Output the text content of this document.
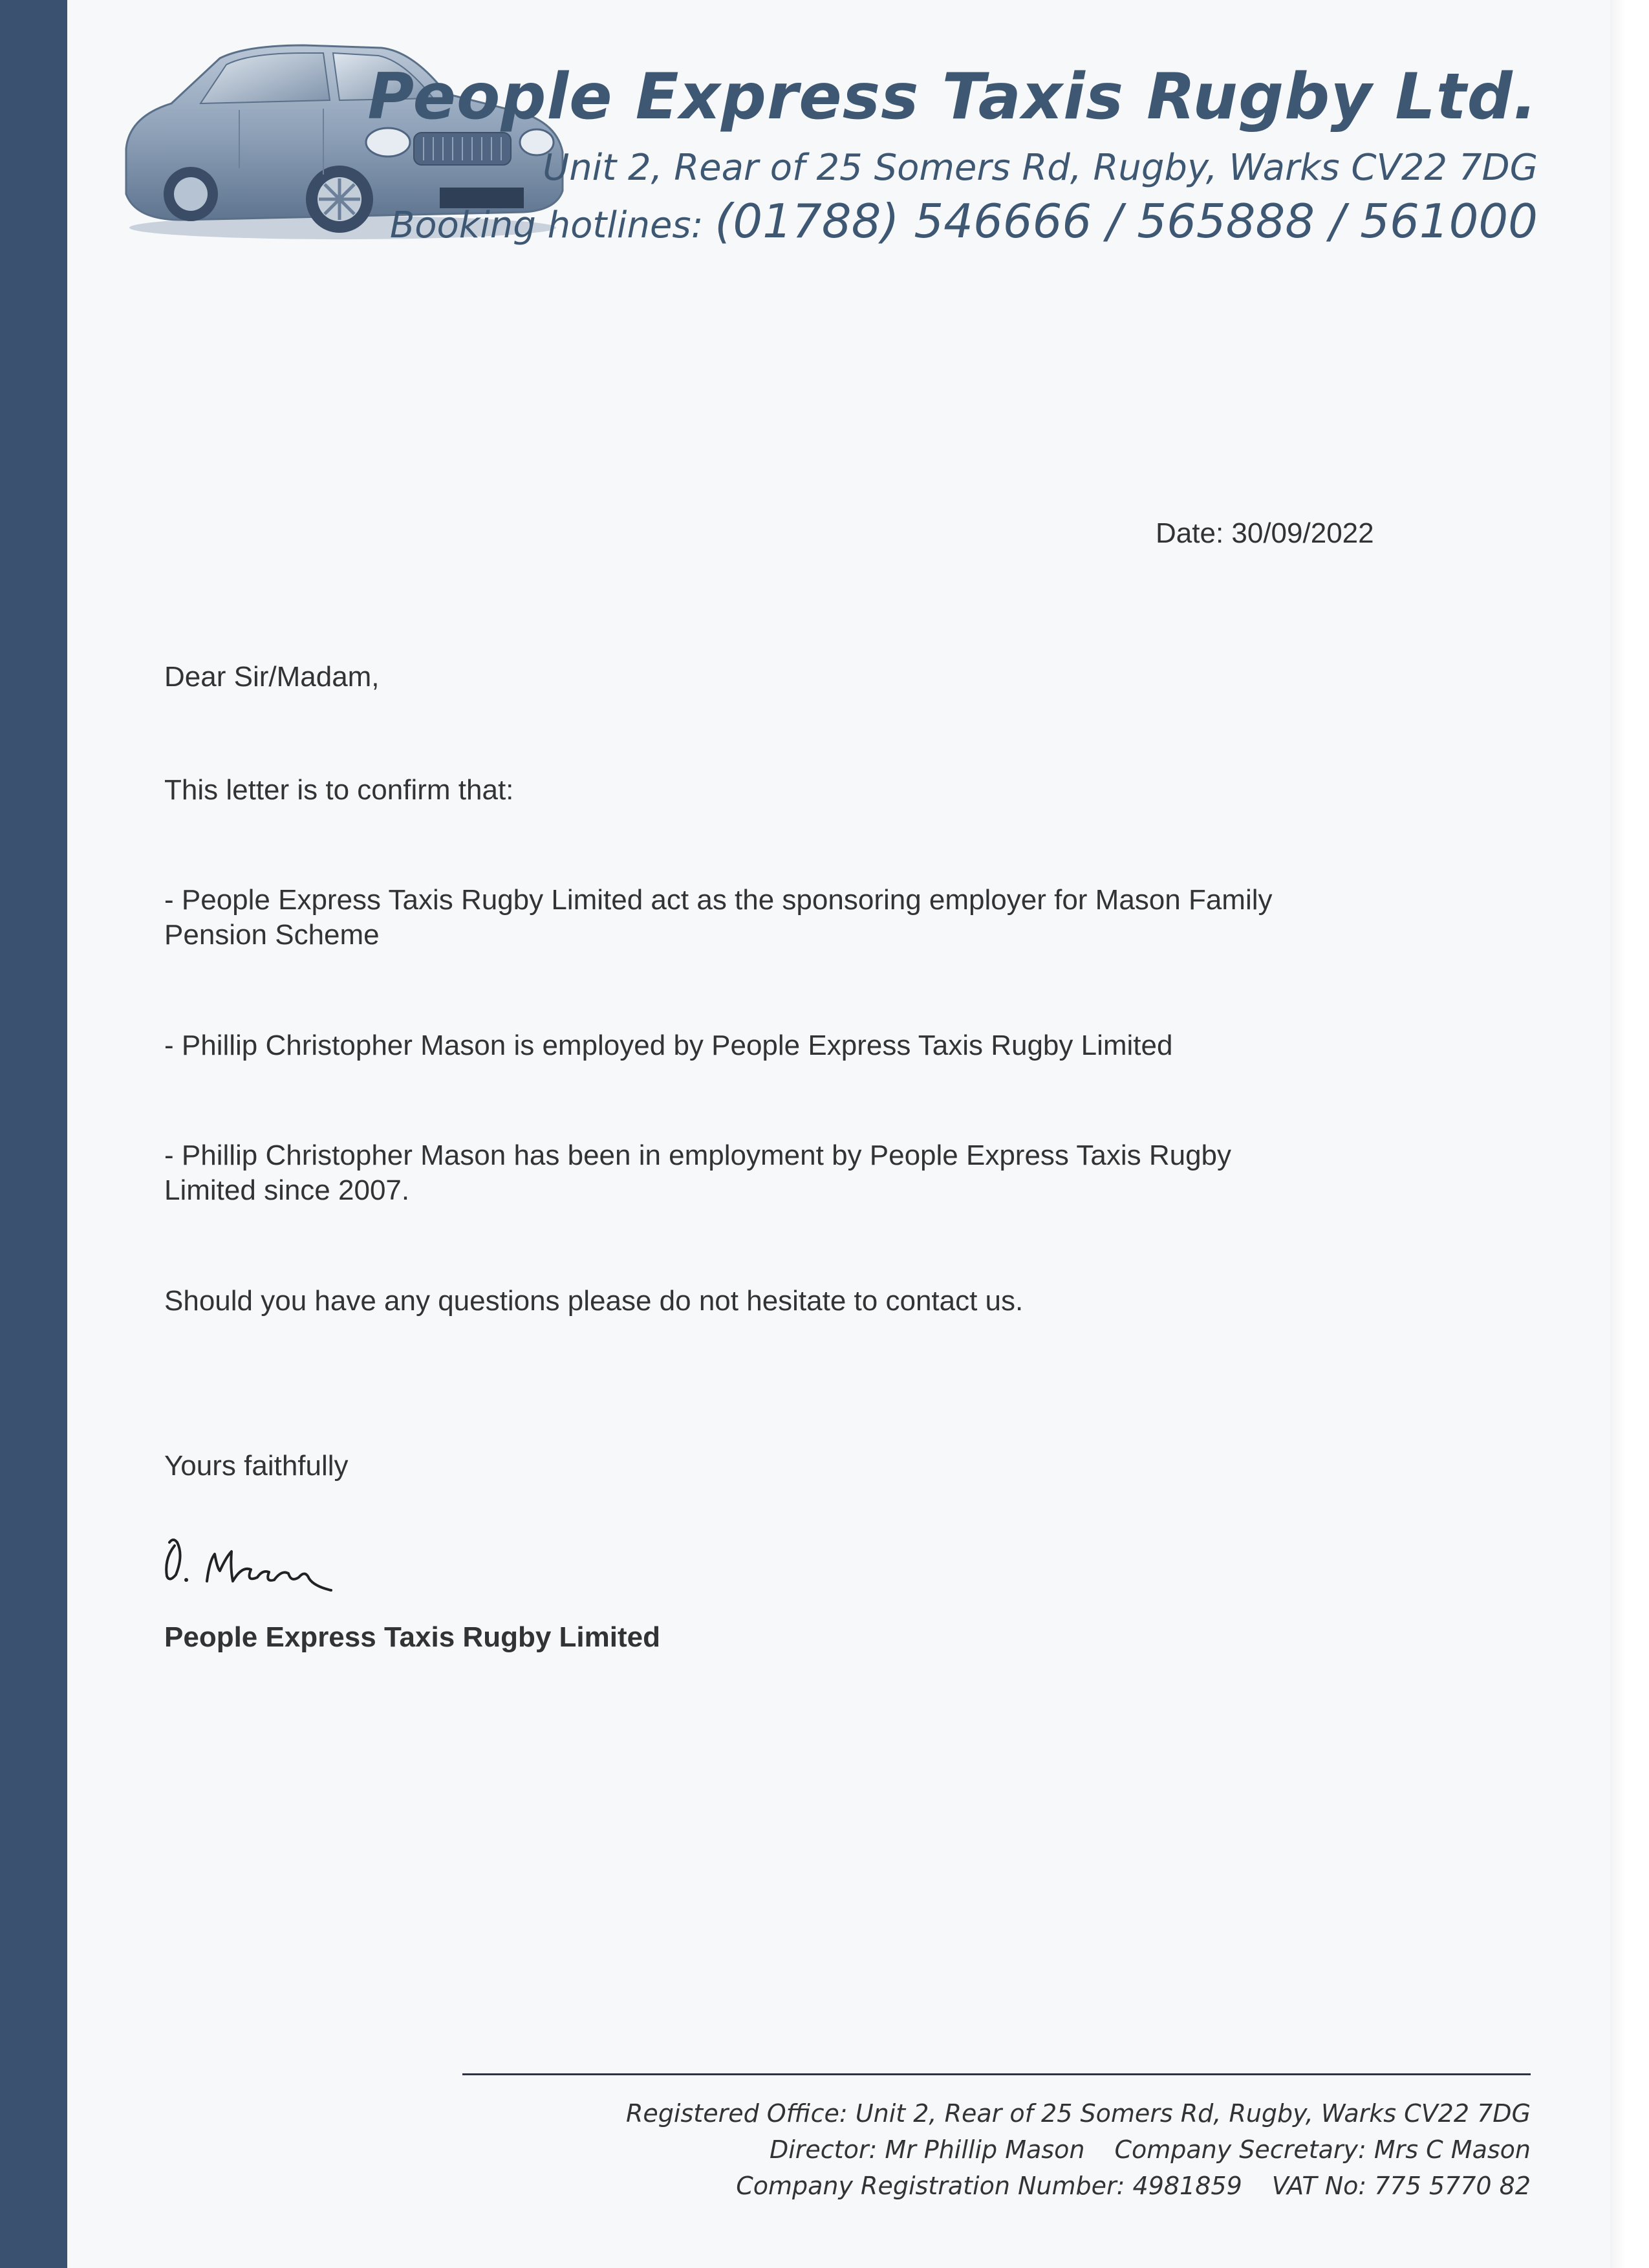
People Express Taxis Rugby Ltd.
Unit 2, Rear of 25 Somers Rd, Rugby, Warks CV22 7DG
Booking hotlines: (01788) 546666 / 565888 / 561000
Date: 30/09/2022
Dear Sir/Madam,
This letter is to confirm that:
- People Express Taxis Rugby Limited act as the sponsoring employer for Mason Family Pension Scheme
- Phillip Christopher Mason is employed by People Express Taxis Rugby Limited
- Phillip Christopher Mason has been in employment by People Express Taxis Rugby Limited since 2007.
Should you have any questions please do not hesitate to contact us.
Yours faithfully
People Express Taxis Rugby Limited
Registered Office: Unit 2, Rear of 25 Somers Rd, Rugby, Warks CV22 7DG
Director: Mr Phillip Mason Company Secretary: Mrs C Mason
Company Registration Number: 4981859 VAT No: 775 5770 82
